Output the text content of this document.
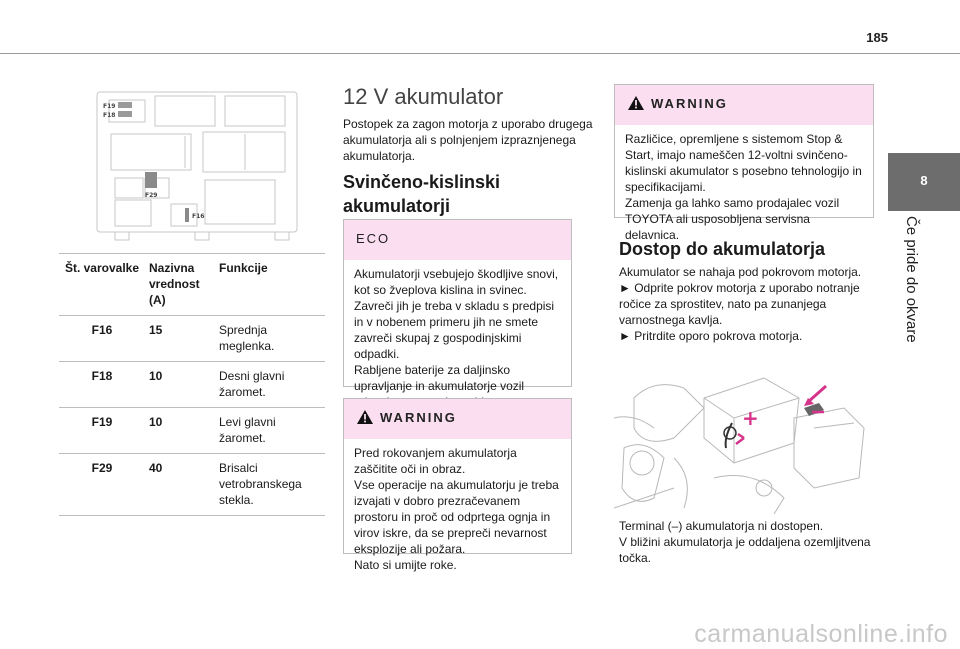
185
8
Če pride do okvare
F19
F18
F29
F16
Št. varovalke	Nazivna vrednost (A)	Funkcije
F16	15	Sprednja meglenka.
F18	10	Desni glavni žaromet.
F19	10	Levi glavni žaromet.
F29	40	Brisalci vetrobranskega stekla.
12 V akumulator
Postopek za zagon motorja z uporabo drugega akumulatorja ali s polnjenjem izpraznjenega akumulatorja.
Svinčeno-kislinski akumulatorji
ECO
Akumulatorji vsebujejo škodljive snovi, kot so žveplova kislina in svinec.
Zavreči jih je treba v skladu s predpisi in v nobenem primeru jih ne smete zavreči skupaj z gospodinjskimi odpadki.
Rabljene baterije za daljinsko upravljanje in akumulatorje vozil
WARNING
Pred rokovanjem akumulatorja zaščitite oči in obraz.
Vse operacije na akumulatorju je treba izvajati v dobro prezračevanem prostoru in proč od odprtega ognja in virov iskre, da se prepreči nevarnost eksplozije ali požara.
Nato si umijte roke.
WARNING
Različice, opremljene s sistemom Stop & Start, imajo nameščen 12-voltni svinčeno-kislinski akumulator s posebno tehnologijo in specifikacijami.
Zamenja ga lahko samo prodajalec vozil TOYOTA ali usposobljena servisna delavnica.
Dostop do akumulatorja
Akumulator se nahaja pod pokrovom motorja.
► Odprite pokrov motorja z uporabo notranje ročice za sprostitev, nato pa zunanjega varnostnega kavlja.
► Pritrdite oporo pokrova motorja.
+
Terminal (–) akumulatorja ni dostopen.
V bližini akumulatorja je oddaljena ozemljitvena točka.
carmanualsonline.info
